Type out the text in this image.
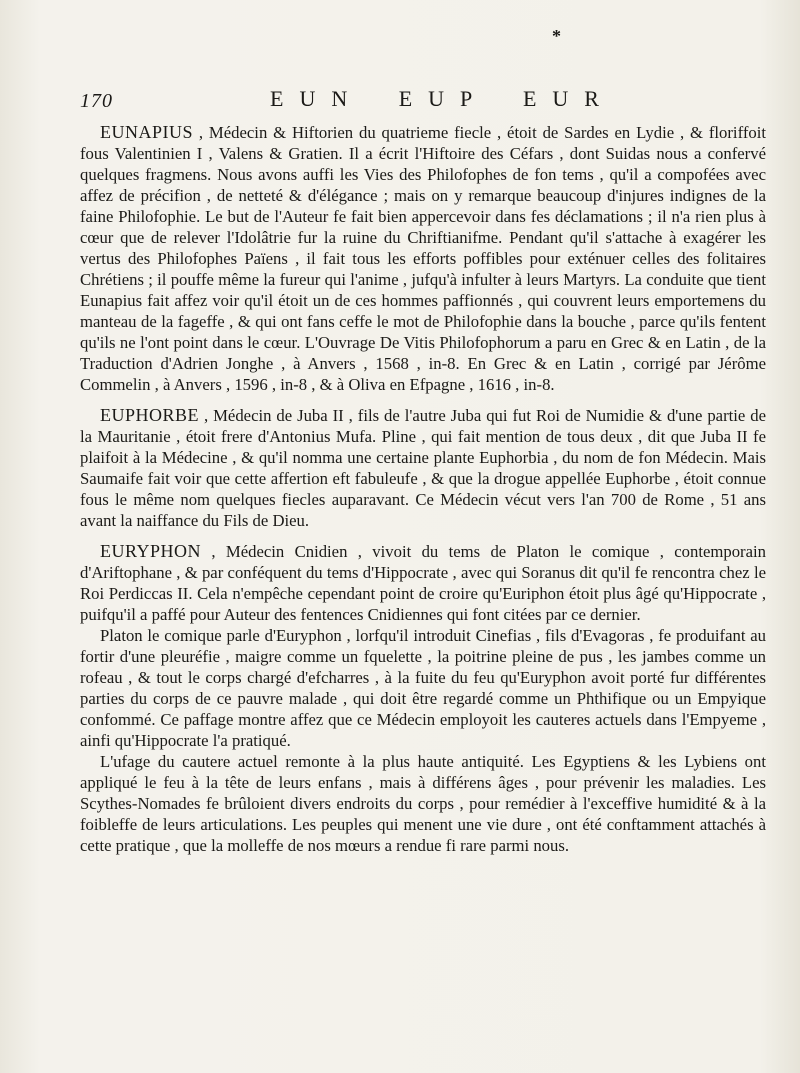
*
170	EUN EUP EUR

EUNAPIUS , Médecin & Hiftorien du quatrieme fiecle , étoit de Sardes en Lydie , & floriffoit fous Valentinien I , Valens & Gratien. Il a écrit l'Hiftoire des Céfars , dont Suidas nous a confervé quelques fragmens. Nous avons auffi les Vies des Philofophes de fon tems , qu'il a compofées avec affez de précifion , de netteté & d'élégance ; mais on y remarque beaucoup d'injures indignes de la faine Philofophie. Le but de l'Auteur fe fait bien appercevoir dans fes déclamations ; il n'a rien plus à cœur que de relever l'Idolâtrie fur la ruine du Chriftianifme. Pendant qu'il s'attache à exagérer les vertus des Philofophes Païens , il fait tous les efforts poffibles pour exténuer celles des folitaires Chrétiens ; il pouffe même la fureur qui l'anime , jufqu'à infulter à leurs Martyrs. La conduite que tient Eunapius fait affez voir qu'il étoit un de ces hommes paffionnés , qui couvrent leurs emportemens du manteau de la fageffe , & qui ont fans ceffe le mot de Philofophie dans la bouche , parce qu'ils fentent qu'ils ne l'ont point dans le cœur. L'Ouvrage De Vitis Philofophorum a paru en Grec & en Latin , de la Traduction d'Adrien Jonghe , à Anvers , 1568 , in-8. En Grec & en Latin , corrigé par Jérôme Commelin , à Anvers , 1596 , in-8 , & à Oliva en Efpagne , 1616 , in-8.

EUPHORBE , Médecin de Juba II , fils de l'autre Juba qui fut Roi de Numidie & d'une partie de la Mauritanie , étoit frere d'Antonius Mufa. Pline , qui fait mention de tous deux , dit que Juba II fe plaifoit à la Médecine , & qu'il nomma une certaine plante Euphorbia , du nom de fon Médecin. Mais Saumaife fait voir que cette affertion eft fabuleufe , & que la drogue appellée Euphorbe , étoit connue fous le même nom quelques fiecles auparavant. Ce Médecin vécut vers l'an 700 de Rome , 51 ans avant la naiffance du Fils de Dieu.

EURYPHON , Médecin Cnidien , vivoit du tems de Platon le comique , contemporain d'Ariftophane , & par conféquent du tems d'Hippocrate , avec qui Soranus dit qu'il fe rencontra chez le Roi Perdiccas II. Cela n'empêche cependant point de croire qu'Euriphon étoit plus âgé qu'Hippocrate , puifqu'il a paffé pour Auteur des fentences Cnidiennes qui font citées par ce dernier.

Platon le comique parle d'Euryphon , lorfqu'il introduit Cinefias , fils d'Evagoras , fe produifant au fortir d'une pleuréfie , maigre comme un fquelette , la poitrine pleine de pus , les jambes comme un rofeau , & tout le corps chargé d'efcharres , à la fuite du feu qu'Euryphon avoit porté fur différentes parties du corps de ce pauvre malade , qui doit être regardé comme un Phthifique ou un Empyique confommé. Ce paffage montre affez que ce Médecin employoit les cauteres actuels dans l'Empyeme , ainfi qu'Hippocrate l'a pratiqué.

L'ufage du cautere actuel remonte à la plus haute antiquité. Les Egyptiens & les Lybiens ont appliqué le feu à la tête de leurs enfans , mais à différens âges , pour prévenir les maladies. Les Scythes-Nomades fe brûloient divers endroits du corps , pour remédier à l'exceffive humidité & à la foibleffe de leurs articulations. Les peuples qui menent une vie dure , ont été conftamment attachés à cette pratique , que la molleffe de nos mœurs a rendue fi rare parmi nous.
